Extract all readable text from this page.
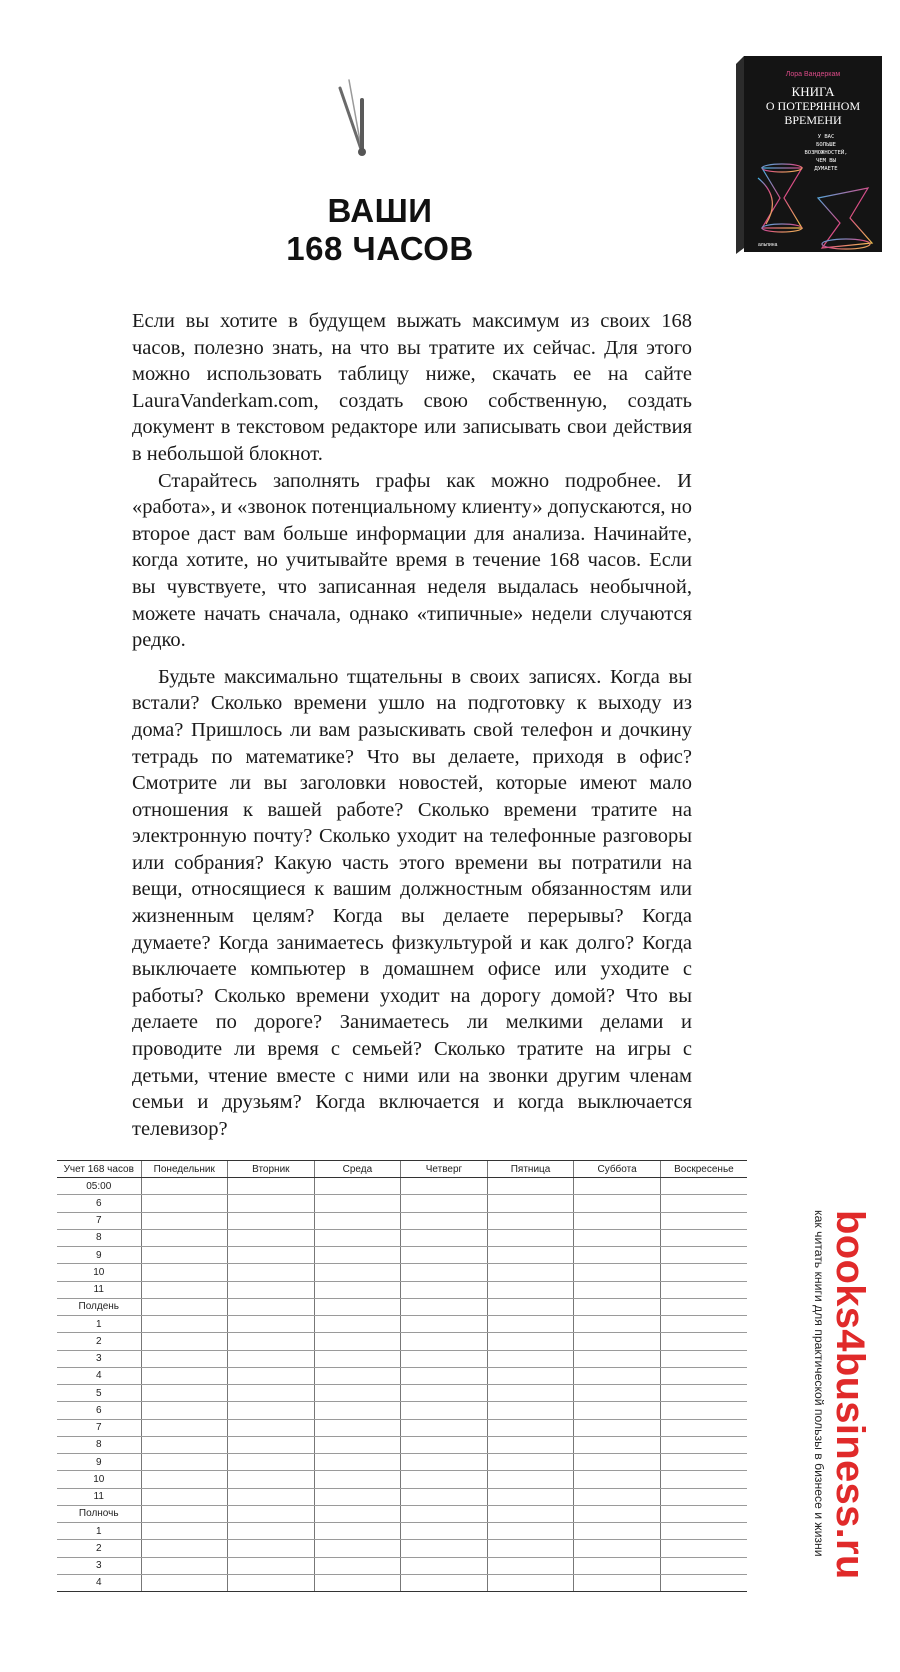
ВАШИ
168 ЧАСОВ
Лора Вандеркам
КНИГА
О ПОТЕРЯННОМ
ВРЕМЕНИ
У ВАС
БОЛЬШЕ
ВОЗМОЖНОСТЕЙ,
ЧЕМ ВЫ
ДУМАЕТЕ
альпина

Если вы хотите в будущем выжать максимум из своих 168 часов, полезно знать, на что вы тратите их сейчас. Для этого можно использовать таблицу ниже, скачать ее на сайте LauraVanderkam.com, создать свою собственную, создать документ в текстовом редакторе или записывать свои действия в небольшой блокнот.

Старайтесь заполнять графы как можно подробнее. И «работа», и «звонок потенциальному клиенту» допускаются, но второе даст вам больше информации для анализа. Начинайте, когда хотите, но учитывайте время в течение 168 часов. Если вы чувствуете, что записанная неделя выдалась необычной, можете начать сначала, однако «типичные» недели случаются редко.

Будьте максимально тщательны в своих записях. Когда вы встали? Сколько времени ушло на подготовку к выходу из дома? Пришлось ли вам разыскивать свой телефон и дочкину тетрадь по математике? Что вы делаете, приходя в офис? Смотрите ли вы заголовки новостей, которые имеют мало отношения к вашей работе? Сколько времени тратите на электронную почту? Сколько уходит на телефонные разговоры или собрания? Какую часть этого времени вы потратили на вещи, относящиеся к вашим должностным обязанностям или жизненным целям? Когда вы делаете перерывы? Когда думаете? Когда занимаетесь физкультурой и как долго? Когда выключаете компьютер в домашнем офисе или уходите с работы? Сколько времени уходит на дорогу домой? Что вы делаете по дороге? Занимаетесь ли мелкими делами и проводите ли время с семьей? Сколько тратите на игры с детьми, чтение вместе с ними или на звонки другим членам семьи и друзьям? Когда включается и когда выключается телевизор?

Учет 168 часов	Понедельник	Вторник	Среда	Четверг	Пятница	Суббота	Воскресенье
05:00							
6							
7							
8							
9							
10							
11							
Полдень							
1							
2							
3							
4							
5							
6							
7							
8							
9							
10							
11							
Полночь							
1							
2							
3							
4							
books4business.ru
как читать книги для практической пользы в бизнесе и жизни
